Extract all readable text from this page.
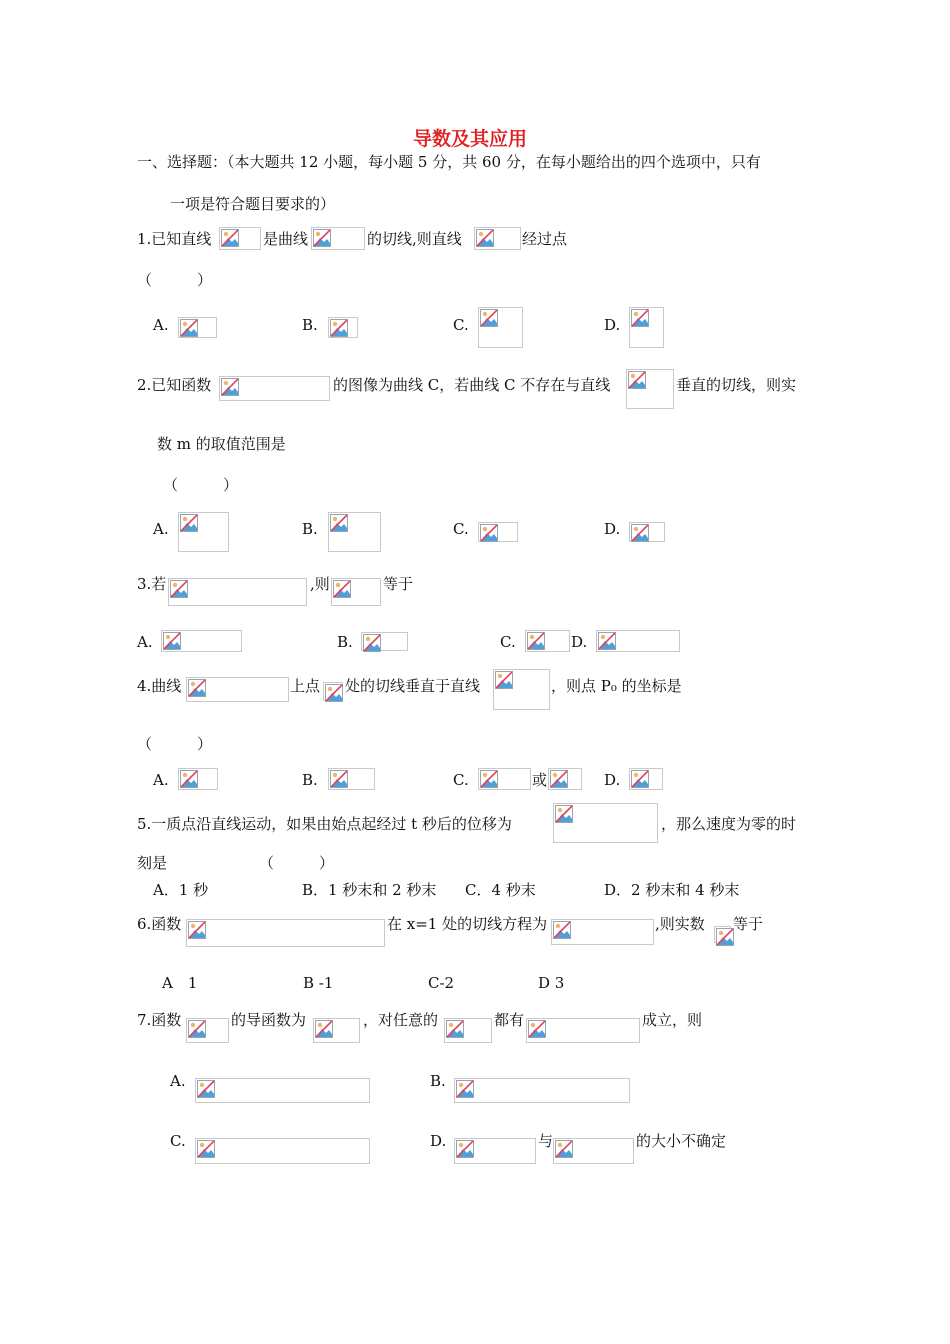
导数及其应用
一、选择题：（本大题共 12 小题，每小题 5 分，共 60 分，在每小题给出的四个选项中，只有
一项是符合题目要求的）
1.已知直线	是曲线	的切线,则直线	经过点
（　　　）
A.	B.	C.	D.
2.已知函数	的图像为曲线 C，若曲线 C 不存在与直线	垂直的切线，则实
数 m 的取值范围是
（　　　）
A.	B.	C.	D.
3.若	,则	等于
A.	B.	C.	D.
4.曲线	上点 处的切线垂直于直线	，则点 P₀ 的坐标是
（　　　）
A.	B.	C.	或	D.
5.一质点沿直线运动，如果由始点起经过 t 秒后的位移为	，那么速度为零的时
刻是	（　　　）
A．1 秒	B．1 秒末和 2 秒末 C．4 秒末	D．2 秒末和 4 秒末
6.函数	在 x=1 处的切线方程为	,则实数 等于
A　1	B -1	C-2	D 3
7.函数	的导函数为	，对任意的	都有	成立，则
A.	B.
C.	D.	与	的大小不确定
